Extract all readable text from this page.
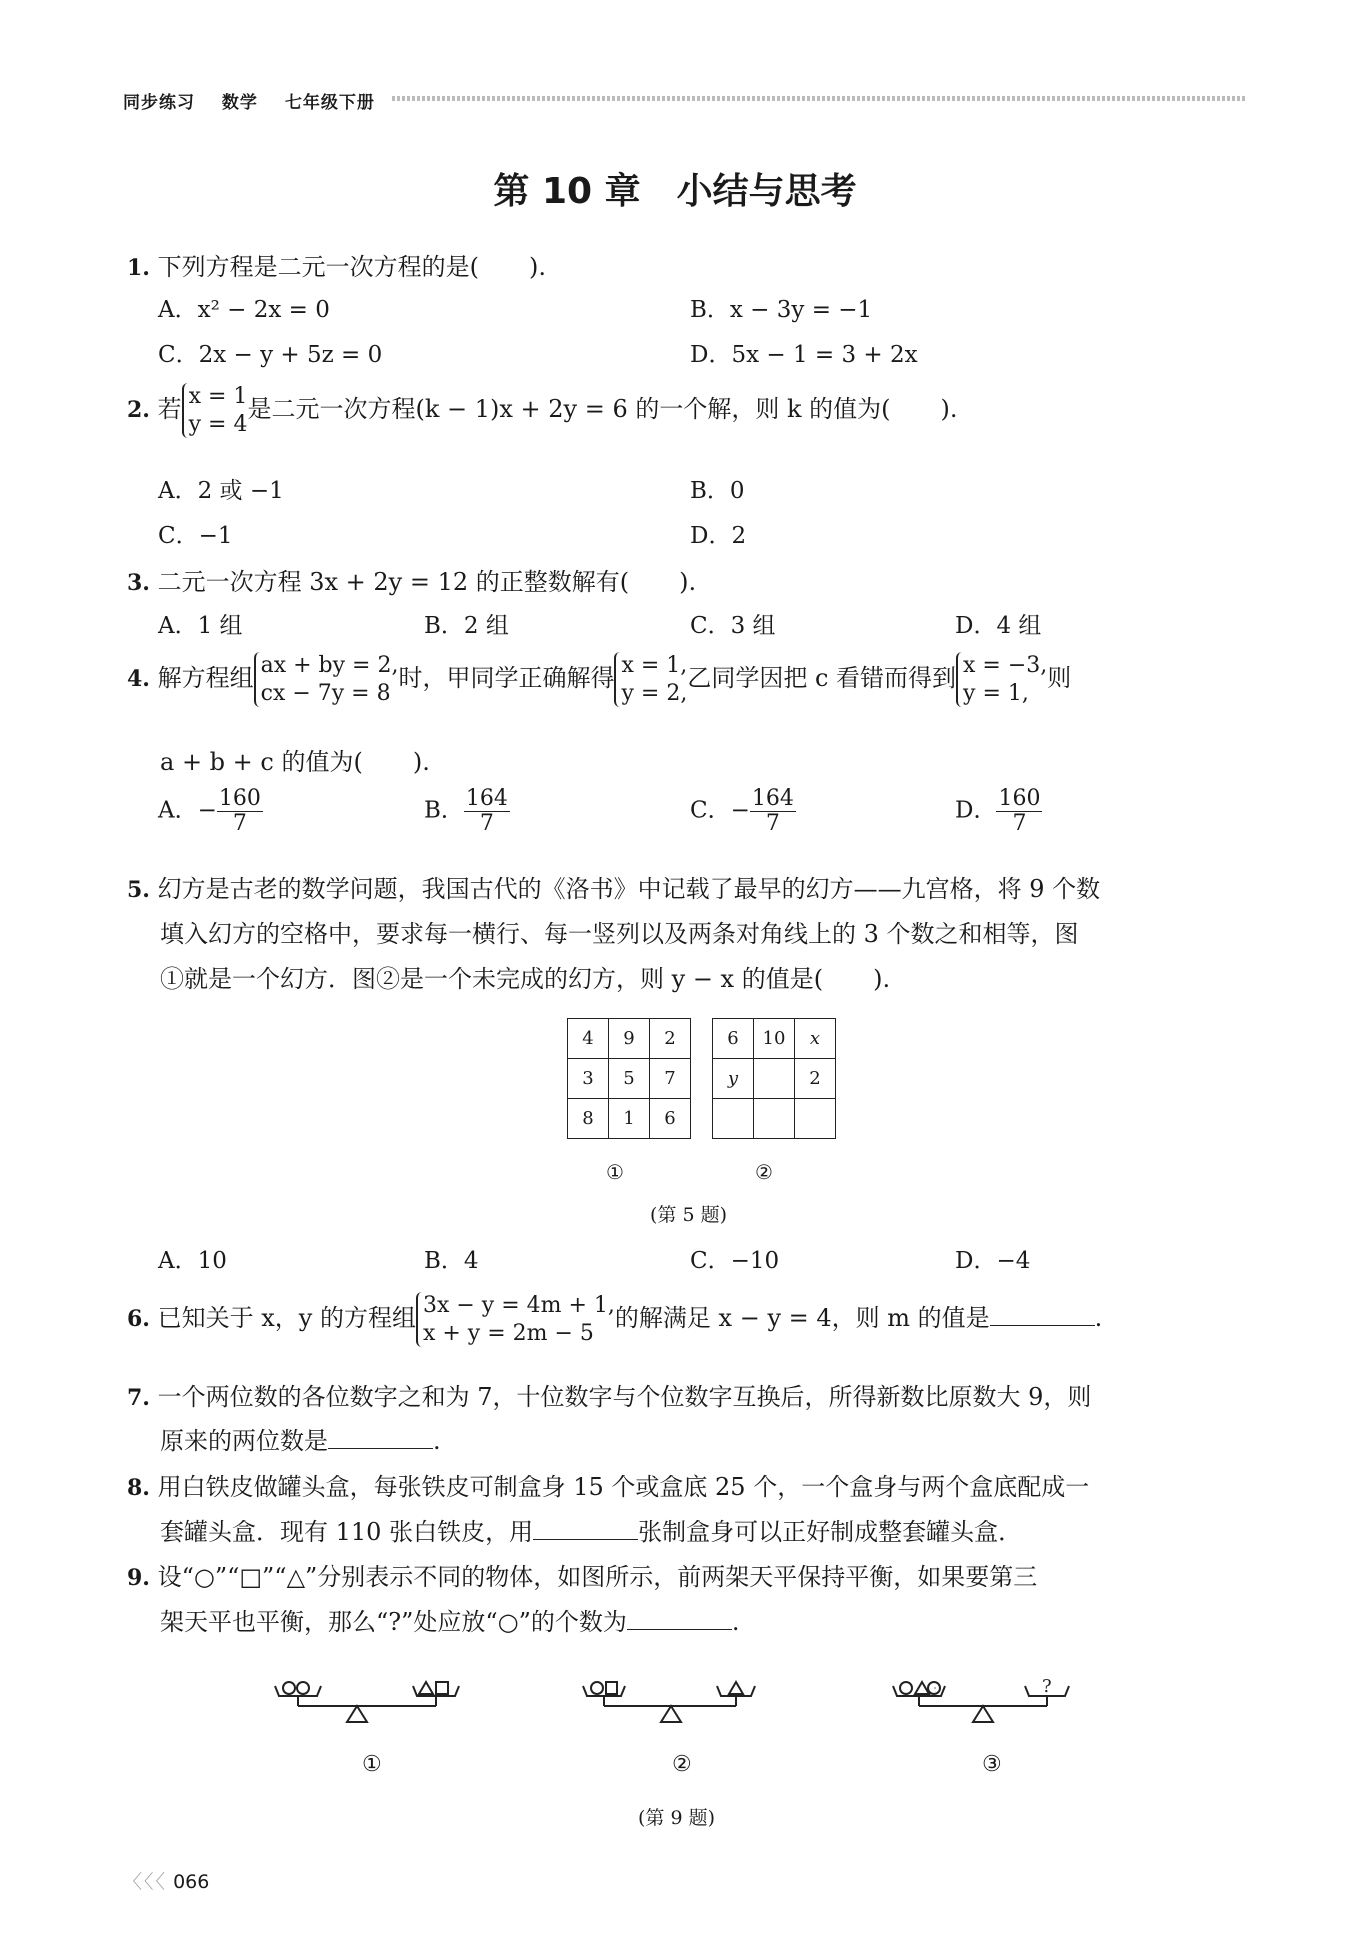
同步练习 数学 七年级下册
第 10 章　小结与思考
1. 下列方程是二元一次方程的是( ).
A．x² − 2x = 0	B．x − 3y = −1
C．2x − y + 5z = 0	D．5x − 1 = 3 + 2x
2. 若 x = 1
y = 4
是二元一次方程(k − 1)x + 2y = 6 的一个解，则 k 的值为( ).
A．2 或 −1	B．0
C．−1	D．2
3. 二元一次方程 3x + 2y = 12 的正整数解有( ).
A．1 组	B．2 组	C．3 组	D．4 组
4. 解方程组 ax + by = 2,
cx − 7y = 8
时，甲同学正确解得 x = 1,
y = 2,
乙同学因把 c 看错而得到 x = −3,
y = 1,
则
a + b + c 的值为( ).
A．− $\frac{160}{7}$	B． $\frac{164}{7}$	C．− $\frac{164}{7}$	D． $\frac{160}{7}$
5. 幻方是古老的数学问题，我国古代的《洛书》中记载了最早的幻方——九宫格，将 9 个数
填入幻方的空格中，要求每一横行、每一竖列以及两条对角线上的 3 个数之和相等，图
①就是一个幻方．图②是一个未完成的幻方，则 y − x 的值是( ).
4	9	2
3	5	7
8	1	6
6	10	x
y		2

①	②
(第 5 题)
A．10	B．4	C．−10	D．−4
6. 已知关于 x，y 的方程组 3x − y = 4m + 1,
x + y = 2m − 5
的解满足 x − y = 4，则 m 的值是	.
7. 一个两位数的各位数字之和为 7，十位数字与个位数字互换后，所得新数比原数大 9，则
原来的两位数是	.
8. 用白铁皮做罐头盒，每张铁皮可制盒身 15 个或盒底 25 个，一个盒身与两个盒底配成一
套罐头盒．现有 110 张白铁皮，用	张制盒身可以正好制成整套罐头盒．
9. 设“○”“□”“△”分别表示不同的物体，如图所示，前两架天平保持平衡，如果要第三
架天平也平衡，那么“?”处应放“○”的个数为	.
?
①	②	③
(第 9 题)
〈〈〈 066
